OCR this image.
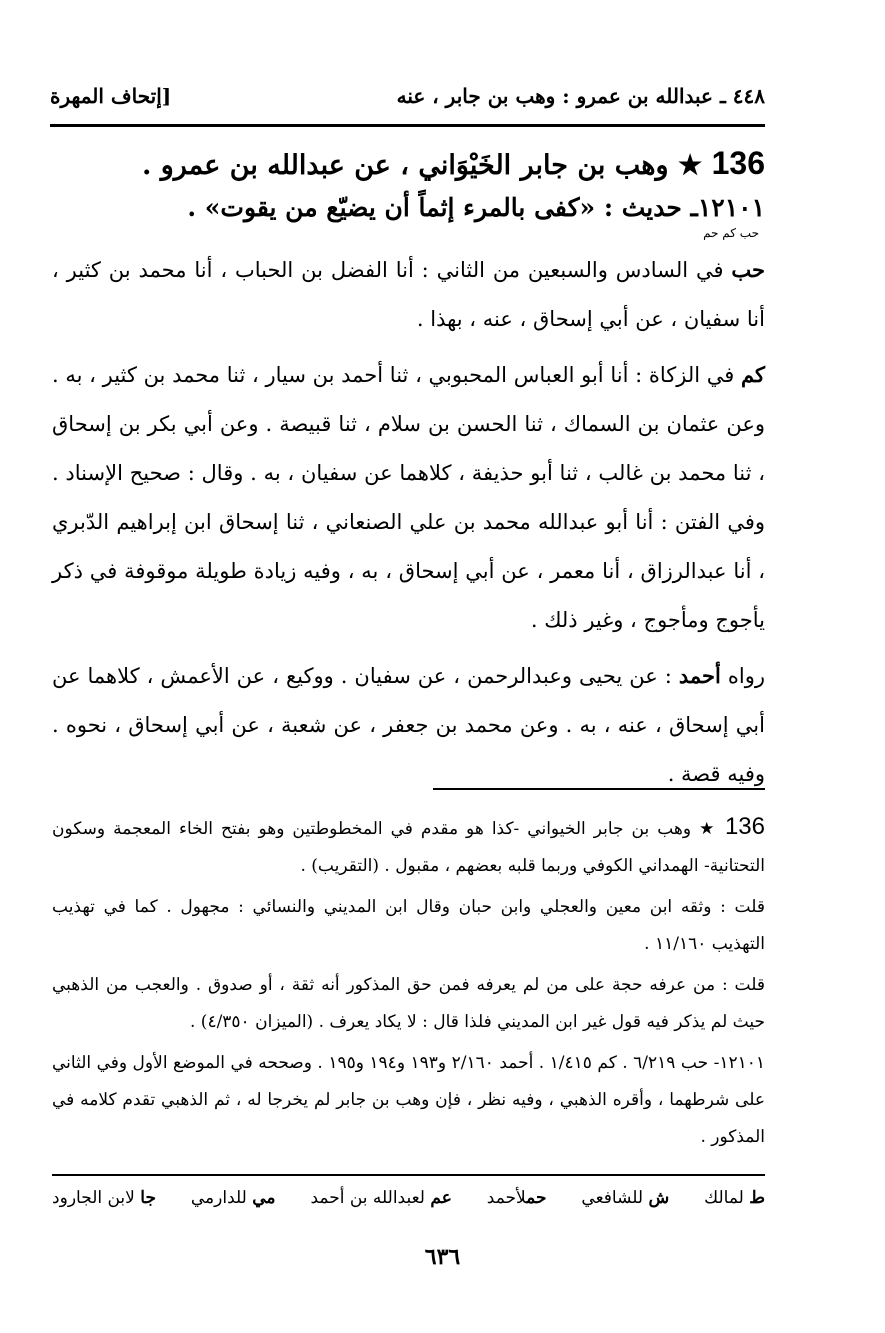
٤٤٨ ـ عبدالله بن عمرو : وهب بن جابر ، عنه
[إتحاف المهرة

136 ★ وهب بن جابر الخَيْوَاني ، عن عبدالله بن عمرو .

١٢١٠١ـ حديث : «كفى بالمرء إثماً أن يضيّع من يقوت» .

حب كم حم

حب في السادس والسبعين من الثاني : أنا الفضل بن الحباب ، أنا محمد بن كثير ، أنا سفيان ، عن أبي إسحاق ، عنه ، بهذا .

كم في الزكاة : أنا أبو العباس المحبوبي ، ثنا أحمد بن سيار ، ثنا محمد بن كثير ، به . وعن عثمان بن السماك ، ثنا الحسن بن سلام ، ثنا قبيصة . وعن أبي بكر بن إسحاق ، ثنا محمد بن غالب ، ثنا أبو حذيفة ، كلاهما عن سفيان ، به . وقال : صحيح الإسناد . وفي الفتن : أنا أبو عبدالله محمد بن علي الصنعاني ، ثنا إسحاق ابن إبراهيم الدّبري ، أنا عبدالرزاق ، أنا معمر ، عن أبي إسحاق ، به ، وفيه زيادة طويلة موقوفة في ذكر يأجوج ومأجوج ، وغير ذلك .

رواه أحمد : عن يحيى وعبدالرحمن ، عن سفيان . ووكيع ، عن الأعمش ، كلاهما عن أبي إسحاق ، عنه ، به . وعن محمد بن جعفر ، عن شعبة ، عن أبي إسحاق ، نحوه . وفيه قصة .

136 ★ وهب بن جابر الخيواني -كذا هو مقدم في المخطوطتين وهو بفتح الخاء المعجمة وسكون التحتانية- الهمداني الكوفي وربما قلبه بعضهم ، مقبول . (التقريب) .

قلت : وثقه ابن معين والعجلي وابن حبان وقال ابن المديني والنسائي : مجهول . كما في تهذيب التهذيب ١١/١٦٠ .

قلت : من عرفه حجة على من لم يعرفه فمن حق المذكور أنه ثقة ، أو صدوق . والعجب من الذهبي حيث لم يذكر فيه قول غير ابن المديني فلذا قال : لا يكاد يعرف . (الميزان ٤/٣٥٠) .

١٢١٠١- حب ٦/٢١٩ . كم ١/٤١٥ . أحمد ٢/١٦٠ و١٩٣ و١٩٤ و١٩٥ . وصححه في الموضع الأول وفي الثاني على شرطهما ، وأقره الذهبي ، وفيه نظر ، فإن وهب بن جابر لم يخرجا له ، ثم الذهبي تقدم كلامه في المذكور .

ط لمالك
ش للشافعي
حملأحمد
عم لعبدالله بن أحمد
مي للدارمي
جا لابن الجارود
٦٣٦
